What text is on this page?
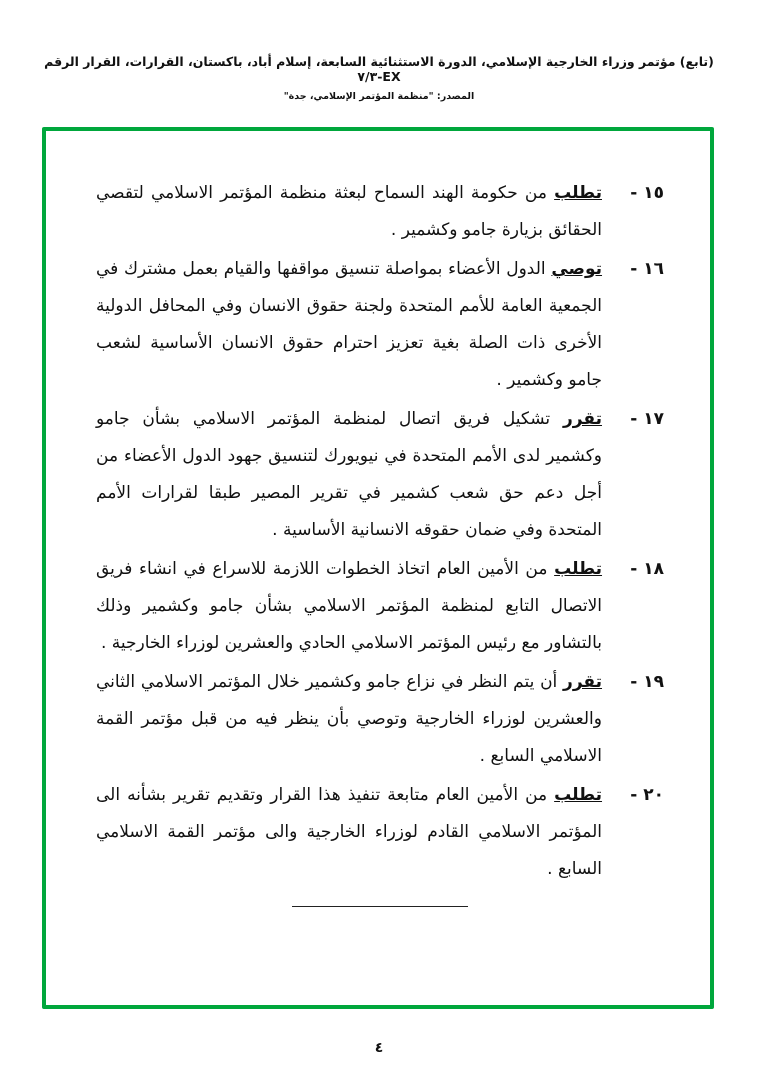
(تابع) مؤتمر وزراء الخارجية الإسلامي، الدورة الاستثنائية السابعة، إسلام أباد، باكستان، القرارات، القرار الرقم EX-٧/٣
المصدر: "منظمة المؤتمر الإسلامي، جدة"
١٥ -
تطلب من حكومة الهند السماح لبعثة منظمة المؤتمر الاسلامي لتقصي الحقائق بزيارة جامو وكشمير .
١٦ -
توصي الدول الأعضاء بمواصلة تنسيق مواقفها والقيام بعمل مشترك في الجمعية العامة للأمم المتحدة ولجنة حقوق الانسان وفي المحافل الدولية الأخرى ذات الصلة بغية تعزيز احترام حقوق الانسان الأساسية لشعب جامو وكشمير .
١٧ -
تقرر تشكيل فريق اتصال لمنظمة المؤتمر الاسلامي بشأن جامو وكشمير لدى الأمم المتحدة في نيويورك لتنسيق جهود الدول الأعضاء من أجل دعم حق شعب كشمير في تقرير المصير طبقا لقرارات الأمم المتحدة وفي ضمان حقوقه الانسانية الأساسية .
١٨ -
تطلب من الأمين العام اتخاذ الخطوات اللازمة للاسراع في انشاء فريق الاتصال التابع لمنظمة المؤتمر الاسلامي بشأن جامو وكشمير وذلك بالتشاور مع رئيس المؤتمر الاسلامي الحادي والعشرين لوزراء الخارجية .
١٩ -
تقرر أن يتم النظر في نزاع جامو وكشمير خلال المؤتمر الاسلامي الثاني والعشرين لوزراء الخارجية وتوصي بأن ينظر فيه من قبل مؤتمر القمة الاسلامي السابع .
٢٠ -
تطلب من الأمين العام متابعة تنفيذ هذا القرار وتقديم تقرير بشأنه الى المؤتمر الاسلامي القادم لوزراء الخارجية والى مؤتمر القمة الاسلامي السابع .
٤
